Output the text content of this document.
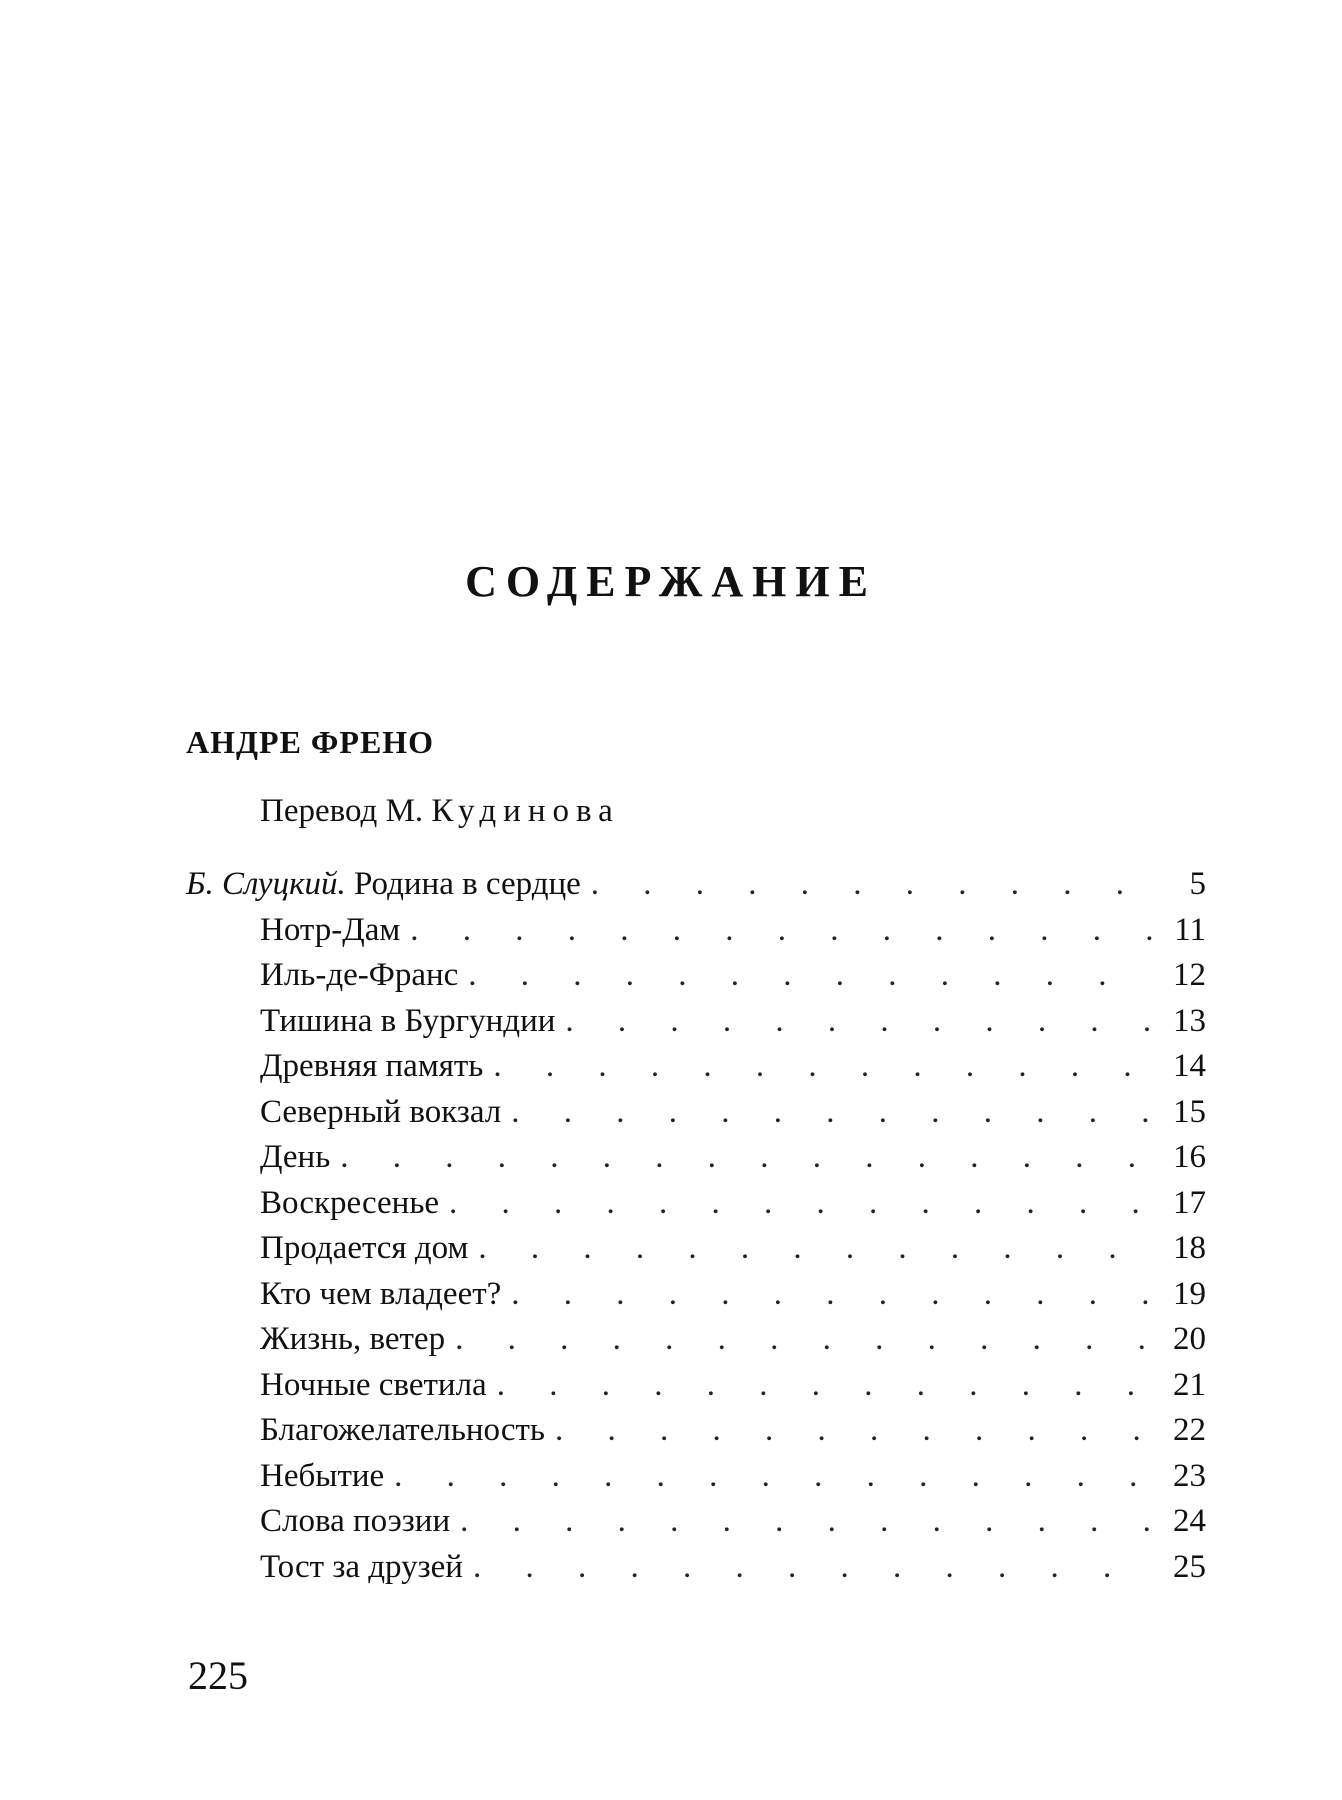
СОДЕРЖАНИЕ
АНДРЕ ФРЕНО

Перевод М. Кудинова

Б. Слуцкий. Родина в сердце . . .	5
Нотр-Дам . . .	11
Иль-де-Франс . . .	12
Тишина в Бургундии . . .	13
Древняя память . . .	14
Северный вокзал . . .	15
День . . .	16
Воскресенье . . .	17
Продается дом . . .	18
Кто чем владеет? . . .	19
Жизнь, ветер . . .	20
Ночные светила . . .	21
Благожелательность . . .	22
Небытие . . .	23
Слова поэзии . . .	24
Тост за друзей . . .	25

225
